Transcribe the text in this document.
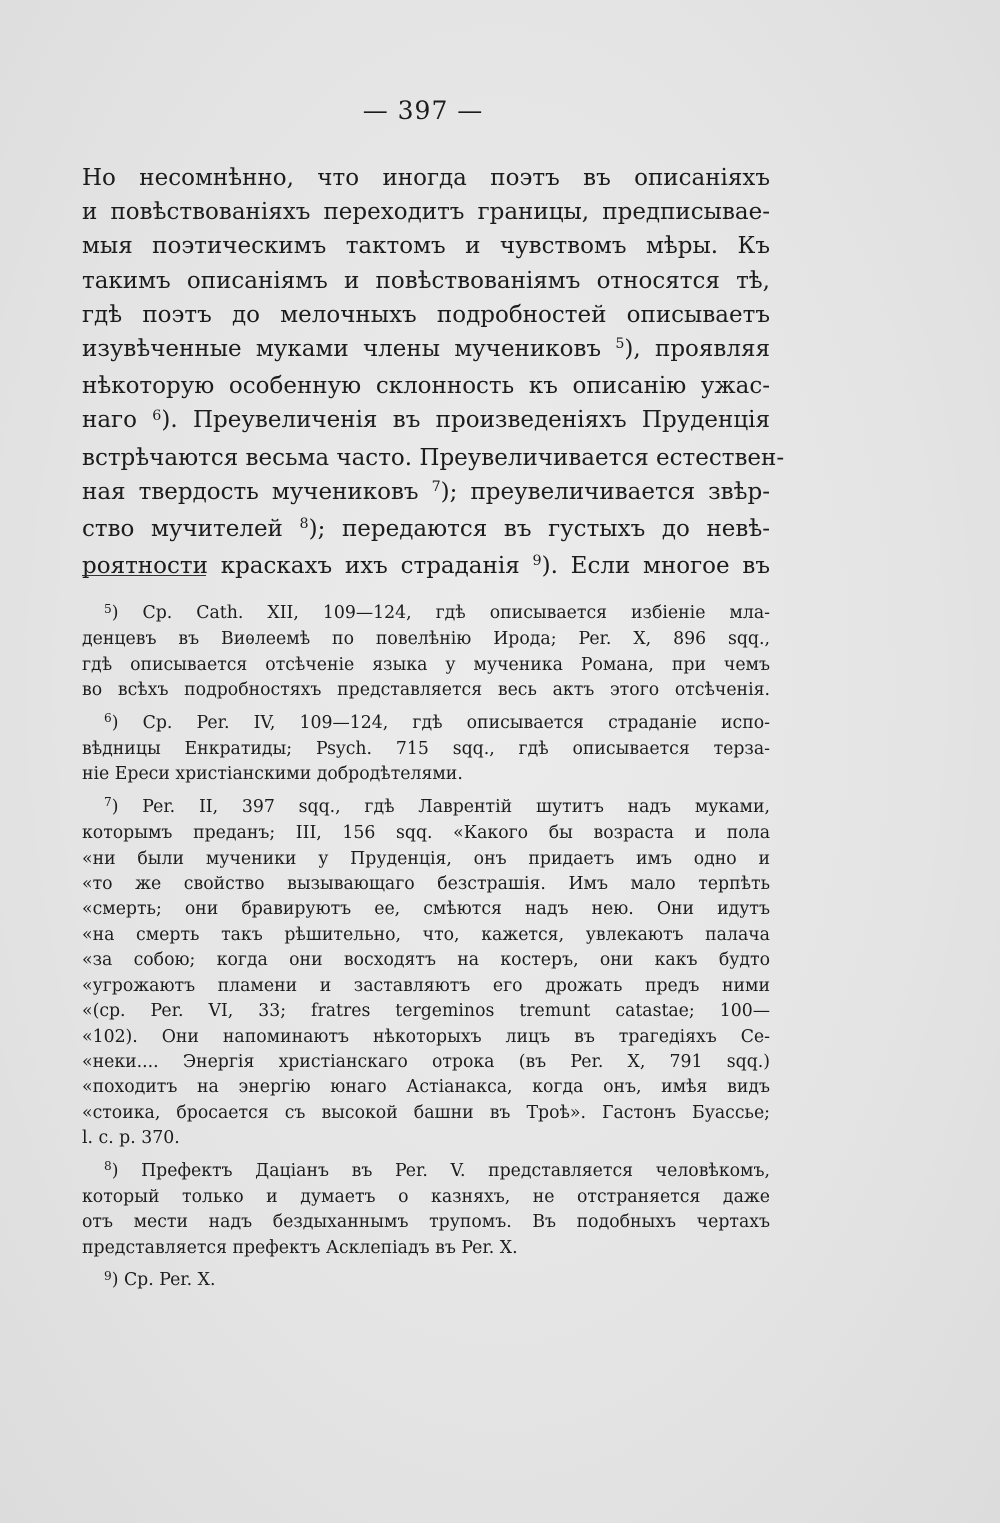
— 397 —
Но несомнѣнно, что иногда поэтъ въ описаніяхъ
и повѣствованіяхъ переходитъ границы, предписывае-
мыя поэтическимъ тактомъ и чувствомъ мѣры. Къ
такимъ описаніямъ и повѣствованіямъ относятся тѣ,
гдѣ поэтъ до мелочныхъ подробностей описываетъ
изувѣченные муками члены мучениковъ $^5$), проявляя
нѣкоторую особенную склонность къ описанію ужас-
наго $^6$). Преувеличенія въ произведеніяхъ Пруденція
встрѣчаются весьма часто. Преувеличивается естествен-
ная твердость мучениковъ $^7$); преувеличивается звѣр-
ство мучителей $^8$); передаются въ густыхъ до невѣ-
роятности краскахъ ихъ страданія $^9$). Если многое въ
$^5$) Ср. Cath. XII, 109—124, гдѣ описывается избіеніе мла-
денцевъ въ Виѳлеемѣ по повелѣнію Ирода; Per. X, 896 sqq.,
гдѣ описывается отсѣченіе языка у мученика Романа, при чемъ
во всѣхъ подробностяхъ представляется весь актъ этого отсѣченія.
$^6$) Ср. Per. IV, 109—124, гдѣ описывается страданіе испо-
вѣдницы Енкратиды; Psych. 715 sqq., гдѣ описывается терза-
ніе Ереси христіанскими добродѣтелями.
$^7$) Per. II, 397 sqq., гдѣ Лаврентій шутитъ надъ муками,
которымъ преданъ; III, 156 sqq. «Какого бы возраста и пола
«ни были мученики у Пруденція, онъ придаетъ имъ одно и
«то же свойство вызывающаго безстрашія. Имъ мало терпѣть
«смерть; они бравируютъ ее, смѣются надъ нею. Они идутъ
«на смерть такъ рѣшительно, что, кажется, увлекаютъ палача
«за собою; когда они восходятъ на костеръ, они какъ будто
«угрожаютъ пламени и заставляютъ его дрожать предъ ними
«(ср. Per. VI, 33; fratres tergeminos tremunt catastae; 100—
«102). Они напоминаютъ нѣкоторыхъ лицъ въ трагедіяхъ Се-
«неки.... Энергія христіанскаго отрока (въ Per. X, 791 sqq.)
«походитъ на энергію юнаго Астіанакса, когда онъ, имѣя видъ
«стоика, бросается съ высокой башни въ Троѣ». Гастонъ Буассье;
l. c. p. 370.
$^8$) Префектъ Даціанъ въ Per. V. представляется человѣкомъ,
который только и думаетъ о казняхъ, не отстраняется даже
отъ мести надъ бездыханнымъ трупомъ. Въ подобныхъ чертахъ
представляется префектъ Асклепіадъ въ Per. X.
$^9$) Ср. Per. X.
